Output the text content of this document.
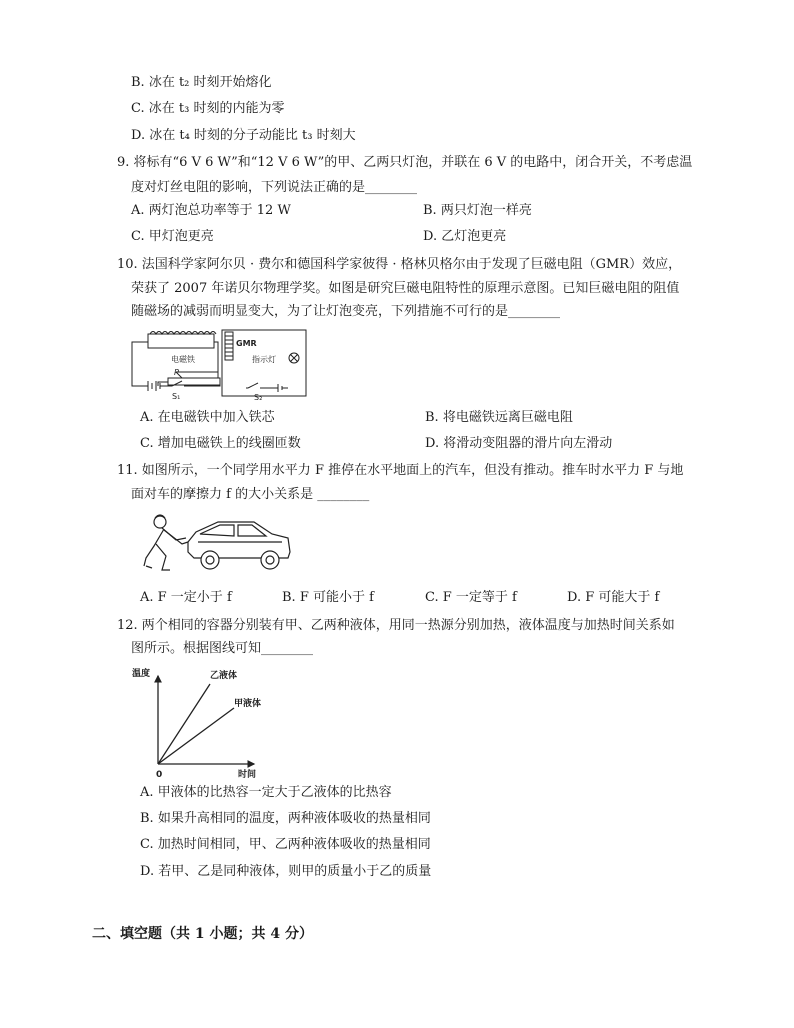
B. 冰在 t₂ 时刻开始熔化
C. 冰在 t₃ 时刻的内能为零
D. 冰在 t₄ 时刻的分子动能比 t₃ 时刻大
9. 将标有“6 V 6 W”和“12 V 6 W”的甲、乙两只灯泡，并联在 6 V 的电路中，闭合开关，不考虑温
度对灯丝电阻的影响，下列说法正确的是________
A. 两灯泡总功率等于 12 W	B. 两只灯泡一样亮
C. 甲灯泡更亮	D. 乙灯泡更亮
10. 法国科学家阿尔贝 · 费尔和德国科学家彼得 · 格林贝格尔由于发现了巨磁电阻（GMR）效应，
荣获了 2007 年诺贝尔物理学奖。如图是研究巨磁电阻特性的原理示意图。已知巨磁电阻的阻值
随磁场的减弱而明显变大，为了让灯泡变亮，下列措施不可行的是________
电磁铁
GMR
指示灯
P
S₁	S₂
A. 在电磁铁中加入铁芯	B. 将电磁铁远离巨磁电阻
C. 增加电磁铁上的线圈匝数	D. 将滑动变阻器的滑片向左滑动
11. 如图所示，一个同学用水平力 F 推停在水平地面上的汽车，但没有推动。推车时水平力 F 与地
面对车的摩擦力 f 的大小关系是 ________
A. F 一定小于 f	B. F 可能小于 f	C. F 一定等于 f	D. F 可能大于 f
12. 两个相同的容器分别装有甲、乙两种液体，用同一热源分别加热，液体温度与加热时间关系如
图所示。根据图线可知________
温度
时间
0
乙液体
甲液体
A. 甲液体的比热容一定大于乙液体的比热容
B. 如果升高相同的温度，两种液体吸收的热量相同
C. 加热时间相同，甲、乙两种液体吸收的热量相同
D. 若甲、乙是同种液体，则甲的质量小于乙的质量
二、填空题（共 1 小题；共 4 分）
